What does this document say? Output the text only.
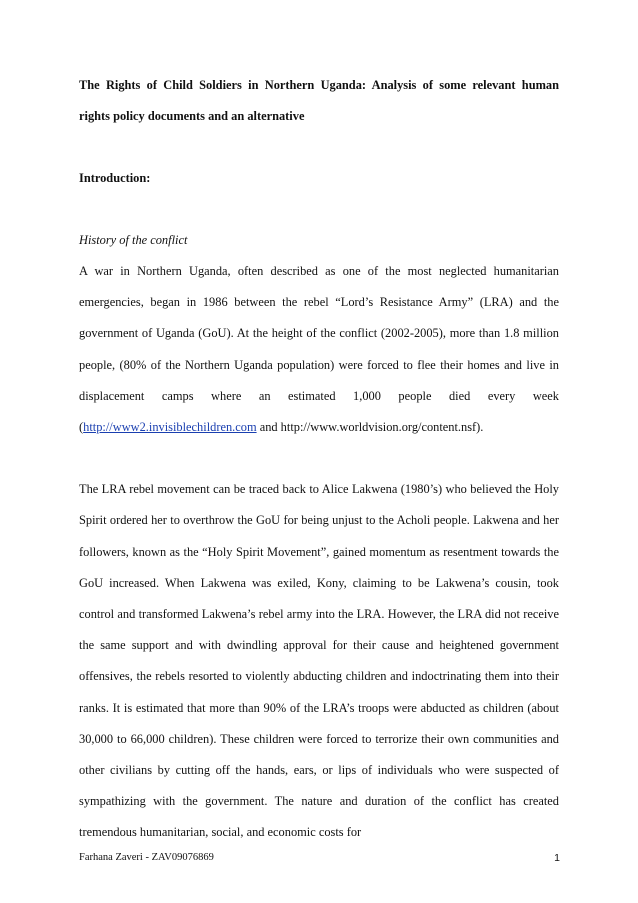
The Rights of Child Soldiers in Northern Uganda: Analysis of some relevant human
rights policy documents and an alternative

Introduction:

History of the conflict

A war in Northern Uganda, often described as one of the most neglected humanitarian emergencies, began in 1986 between the rebel “Lord’s Resistance Army” (LRA) and the government of Uganda (GoU). At the height of the conflict (2002-2005), more than 1.8 million people, (80% of the Northern Uganda population) were forced to flee their homes and live in displacement camps where an estimated 1,000 people died every week (http://www2.invisiblechildren.com and http://www.worldvision.org/content.nsf).

The LRA rebel movement can be traced back to Alice Lakwena (1980’s) who believed the Holy Spirit ordered her to overthrow the GoU for being unjust to the Acholi people. Lakwena and her followers, known as the “Holy Spirit Movement”, gained momentum as resentment towards the GoU increased. When Lakwena was exiled, Kony, claiming to be Lakwena’s cousin, took control and transformed Lakwena’s rebel army into the LRA. However, the LRA did not receive the same support and with dwindling approval for their cause and heightened government offensives, the rebels resorted to violently abducting children and indoctrinating them into their ranks. It is estimated that more than 90% of the LRA’s troops were abducted as children (about 30,000 to 66,000 children). These children were forced to terrorize their own communities and other civilians by cutting off the hands, ears, or lips of individuals who were suspected of sympathizing with the government. The nature and duration of the conflict has created tremendous humanitarian, social, and economic costs for

Farhana Zaveri - ZAV09076869	1
